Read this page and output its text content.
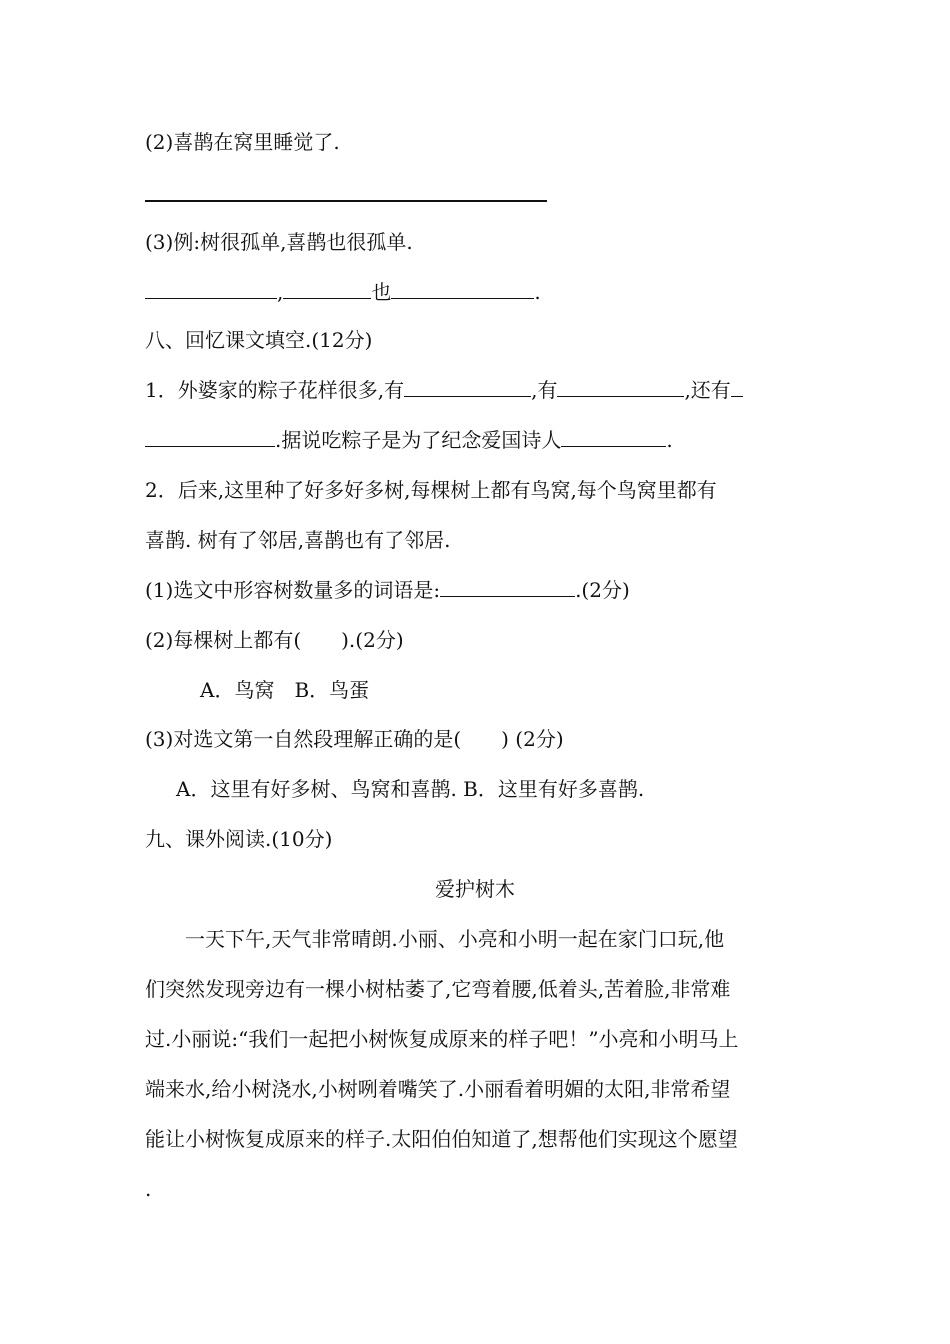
(2)喜鹊在窝里睡觉了.
(3)例:树很孤单,喜鹊也很孤单.
,	也	.
八、回忆课文填空.(12分)
1．外婆家的粽子花样很多,有	,有	,还有
.据说吃粽子是为了纪念爱国诗人	.
2．后来,这里种了好多好多树,每棵树上都有鸟窝,每个鸟窝里都有
喜鹊. 树有了邻居,喜鹊也有了邻居.
(1)选文中形容树数量多的词语是:	.(2分)
(2)每棵树上都有(　　).(2分)
A．鸟窝　B．鸟蛋
(3)对选文第一自然段理解正确的是(　　) (2分)
A．这里有好多树、鸟窝和喜鹊. B．这里有好多喜鹊.
九、课外阅读.(10分)
爱护树木
一天下午,天气非常晴朗.小丽、小亮和小明一起在家门口玩,他
们突然发现旁边有一棵小树枯萎了,它弯着腰,低着头,苦着脸,非常难
过.小丽说:“我们一起把小树恢复成原来的样子吧！”小亮和小明马上
端来水,给小树浇水,小树咧着嘴笑了.小丽看着明媚的太阳,非常希望
能让小树恢复成原来的样子.太阳伯伯知道了,想帮他们实现这个愿望
.
